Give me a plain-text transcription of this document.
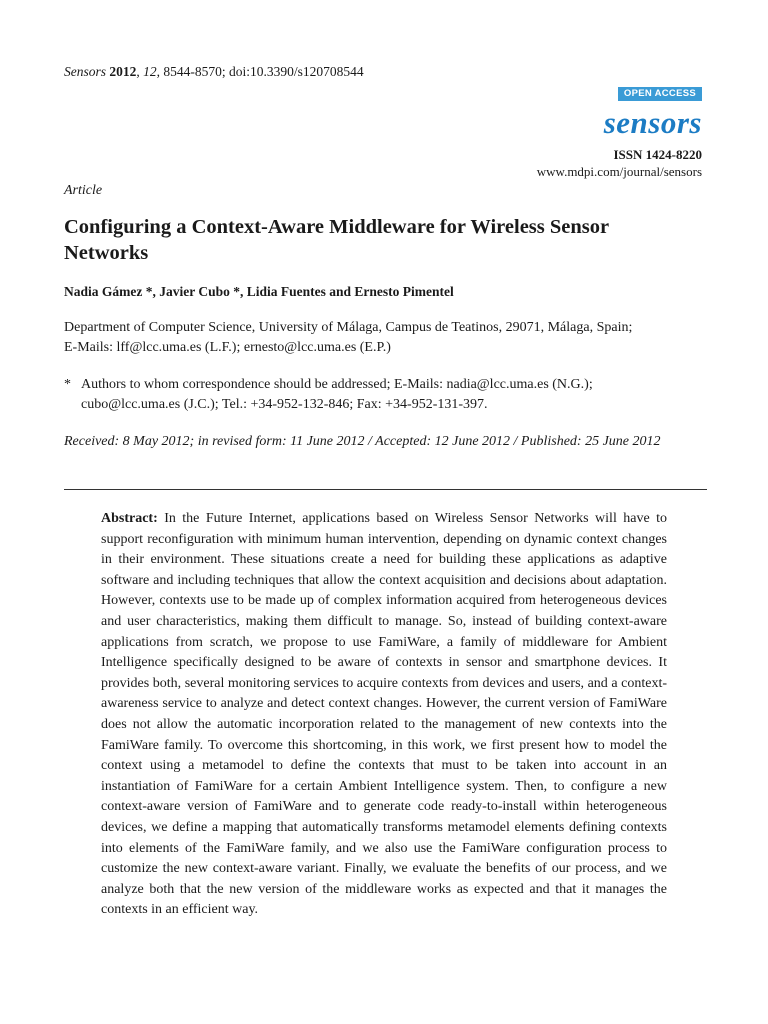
Sensors 2012, 12, 8544-8570; doi:10.3390/s120708544
OPEN ACCESS
sensors
ISSN 1424-8220
www.mdpi.com/journal/sensors
Article
Configuring a Context-Aware Middleware for Wireless Sensor Networks
Nadia Gámez *, Javier Cubo *, Lidia Fuentes and Ernesto Pimentel
Department of Computer Science, University of Málaga, Campus de Teatinos, 29071, Málaga, Spain;
E-Mails: lff@lcc.uma.es (L.F.); ernesto@lcc.uma.es (E.P.)
* Authors to whom correspondence should be addressed; E-Mails: nadia@lcc.uma.es (N.G.);
cubo@lcc.uma.es (J.C.); Tel.: +34-952-132-846; Fax: +34-952-131-397.
Received: 8 May 2012; in revised form: 11 June 2012 / Accepted: 12 June 2012 / Published: 25 June 2012
Abstract: In the Future Internet, applications based on Wireless Sensor Networks will have to support reconfiguration with minimum human intervention, depending on dynamic context changes in their environment. These situations create a need for building these applications as adaptive software and including techniques that allow the context acquisition and decisions about adaptation. However, contexts use to be made up of complex information acquired from heterogeneous devices and user characteristics, making them difficult to manage. So, instead of building context-aware applications from scratch, we propose to use FamiWare, a family of middleware for Ambient Intelligence specifically designed to be aware of contexts in sensor and smartphone devices. It provides both, several monitoring services to acquire contexts from devices and users, and a context-awareness service to analyze and detect context changes. However, the current version of FamiWare does not allow the automatic incorporation related to the management of new contexts into the FamiWare family. To overcome this shortcoming, in this work, we first present how to model the context using a metamodel to define the contexts that must to be taken into account in an instantiation of FamiWare for a certain Ambient Intelligence system. Then, to configure a new context-aware version of FamiWare and to generate code ready-to-install within heterogeneous devices, we define a mapping that automatically transforms metamodel elements defining contexts into elements of the FamiWare family, and we also use the FamiWare configuration process to customize the new context-aware variant. Finally, we evaluate the benefits of our process, and we analyze both that the new version of the middleware works as expected and that it manages the contexts in an efficient way.
